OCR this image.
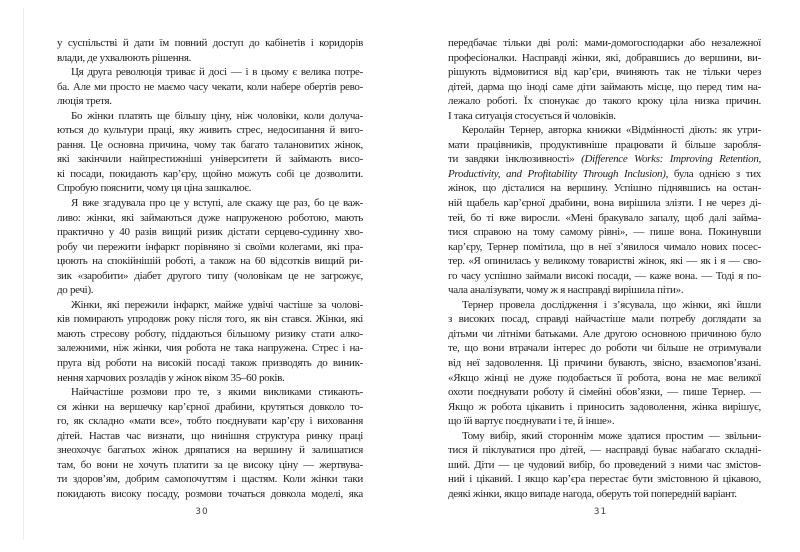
у суспільстві й дати їм повний доступ до кабінетів і коридорів
влади, де ухвалюють рішення.
Ця друга революція триває й досі — і в цьому є велика потре-
ба. Але ми просто не маємо часу чекати, коли набере обертів рево-
люція третя.
Бо жінки платять ще більшу ціну, ніж чоловіки, коли долуча-
ються до культури праці, яку живить стрес, недосипання й виго-
рання. Це основна причина, чому так багато талановитих жінок,
які закінчили найпрестижніші університети й займають висо-
кі посади, покидають кар’єру, щойно можуть собі це дозволити.
Спробую пояснити, чому ця ціна зашкалює.
Я вже згадувала про це у вступі, але скажу ще раз, бо це важ-
ливо: жінки, які займаються дуже напруженою роботою, мають
практично у 40 разів вищий ризик дістати серцево-судинну хво-
робу чи пережити інфаркт порівняно зі своїми колегами, які пра-
цюють на спокійнішій роботі, а також на 60 відсотків вищий ри-
зик «заробити» діабет другого типу (чоловікам це не загрожує,
до речі).
Жінки, які пережили інфаркт, майже удвічі частіше за чолові-
ків помирають упродовж року після того, як він стався. Жінки, які
мають стресову роботу, піддаються більшому ризику стати алко-
залежними, ніж жінки, чия робота не така напружена. Стрес і на-
пруга від роботи на високій посаді також призводять до виник-
нення харчових розладів у жінок віком 35–60 років.
Найчастіше розмови про те, з якими викликами стикають-
ся жінки на вершечку кар’єрної драбини, крутяться довколо то-
го, як складно «мати все», тобто поєднувати кар’єру і виховання
дітей. Настав час визнати, що нинішня структура ринку праці
знеохочує багатьох жінок дряпатися на вершину й залишатися
там, бо вони не хочуть платити за це високу ціну — жертвува-
ти здоров’ям, добрим самопочуттям і щастям. Коли жінки таки
покидають високу посаду, розмови точаться довкола моделі, яка
30
передбачає тільки дві ролі: мами-домогосподарки або незалежної
професіоналки. Насправді жінки, які, добравшись до вершини, ви-
рішують відмовитися від кар’єри, вчиняють так не тільки через
дітей, дарма що іноді саме діти займають місце, що перед тим на-
лежало роботі. Їх спонукає до такого кроку ціла низка причин.
І така ситуація стосується й чоловіків.
Керолайн Тернер, авторка книжки «Відмінності діють: як утри-
мати працівників, продуктивніше працювати й більше заробля-
ти завдяки інклюзивності» (Difference Works: Improving Retention,
Productivity, and Profitability Through Inclusion), була однією з тих
жінок, що дісталися на вершину. Успішно піднявшись на остан-
ній щабель кар’єрної драбини, вона вирішила злізти. І не через ді-
тей, бо ті вже виросли. «Мені бракувало запалу, щоб далі займа-
тися справою на тому самому рівні», — пише вона. Покинувши
кар’єру, Тернер помітила, що в неї з’явилося чимало нових посес-
тер. «Я опинилась у великому товаристві жінок, які — як і я — сво-
го часу успішно займали високі посади, — каже вона. — Тоді я по-
чала аналізувати, чому ж я насправді вирішила піти».
Тернер провела дослідження і з’ясувала, що жінки, які йшли
з високих посад, справді найчастіше мали потребу доглядати за
дітьми чи літніми батьками. Але другою основною причиною було
те, що вони втрачали інтерес до роботи чи більше не отримували
від неї задоволення. Ці причини бувають, звісно, взаємопов’язані.
«Якщо жінці не дуже подобається її робота, вона не має великої
охоти поєднувати роботу й сімейні обов’язки, — пише Тернер. —
Якщо ж робота цікавить і приносить задоволення, жінка вирішує,
що їй вартує поєднувати і те, й інше».
Тому вибір, який стороннім може здатися простим — звільни-
тися й піклуватися про дітей, — насправді буває набагато складні-
ший. Діти — це чудовий вибір, бо проведений з ними час змістов-
ний і цікавий. І якщо кар’єра перестає бути змістовною й цікавою,
деякі жінки, якщо випаде нагода, оберуть той попередній варіант.
31
